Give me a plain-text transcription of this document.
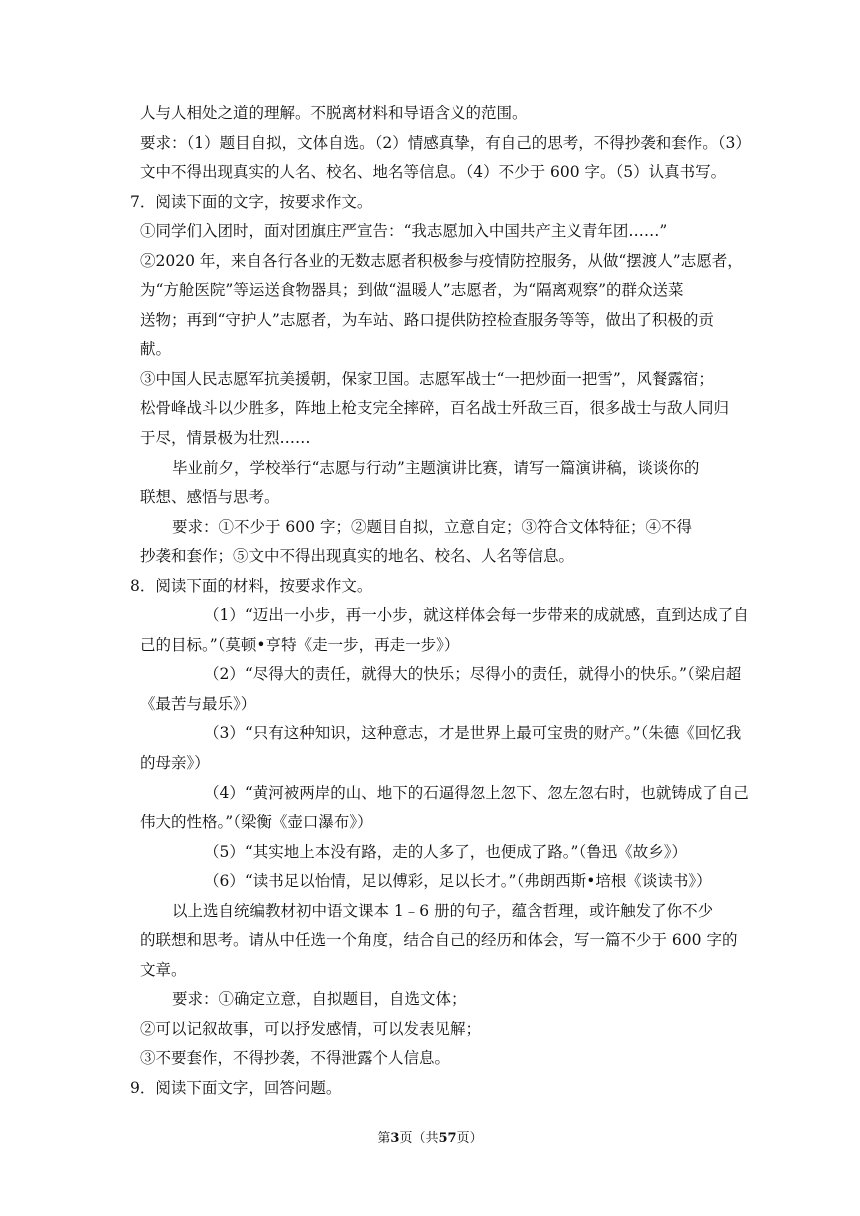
人与人相处之道的理解。不脱离材料和导语含义的范围。
要求：（1）题目自拟，文体自选。（2）情感真挚，有自己的思考，不得抄袭和套作。（3）
文中不得出现真实的人名、校名、地名等信息。（4）不少于 600 字。（5）认真书写。
7．阅读下面的文字，按要求作文。
①同学们入团时，面对团旗庄严宣告：“我志愿加入中国共产主义青年团……”
②2020 年，来自各行各业的无数志愿者积极参与疫情防控服务，从做“摆渡人”志愿者，
为“方舱医院”等运送食物器具；到做“温暖人”志愿者，为“隔离观察”的群众送菜
送物；再到“守护人”志愿者，为车站、路口提供防控检查服务等等，做出了积极的贡
献。
③中国人民志愿军抗美援朝，保家卫国。志愿军战士“一把炒面一把雪”，风餐露宿；
松骨峰战斗以少胜多，阵地上枪支完全摔碎，百名战士歼敌三百，很多战士与敌人同归
于尽，情景极为壮烈……
毕业前夕，学校举行“志愿与行动”主题演讲比赛，请写一篇演讲稿，谈谈你的
联想、感悟与思考。
要求：①不少于 600 字；②题目自拟，立意自定；③符合文体特征；④不得
抄袭和套作；⑤文中不得出现真实的地名、校名、人名等信息。
8．阅读下面的材料，按要求作文。
（1）“迈出一小步，再一小步，就这样体会每一步带来的成就感，直到达成了自
己的目标。”（莫顿•亨特《走一步，再走一步》）
（2）“尽得大的责任，就得大的快乐；尽得小的责任，就得小的快乐。”（梁启超
《最苦与最乐》）
（3）“只有这种知识，这种意志，才是世界上最可宝贵的财产。”（朱德《回忆我
的母亲》）
（4）“黄河被两岸的山、地下的石逼得忽上忽下、忽左忽右时，也就铸成了自己
伟大的性格。”（梁衡《壶口瀑布》）
（5）“其实地上本没有路，走的人多了，也便成了路。”（鲁迅《故乡》）
（6）“读书足以怡情，足以傅彩，足以长才。”（弗朗西斯•培根《谈读书》）
以上选自统编教材初中语文课本 1﹣6 册的句子，蕴含哲理，或许触发了你不少
的联想和思考。请从中任选一个角度，结合自己的经历和体会，写一篇不少于 600 字的
文章。
要求：①确定立意，自拟题目，自选文体；
②可以记叙故事，可以抒发感情，可以发表见解；
③不要套作，不得抄袭，不得泄露个人信息。
9．阅读下面文字，回答问题。
第3页（共57页）
